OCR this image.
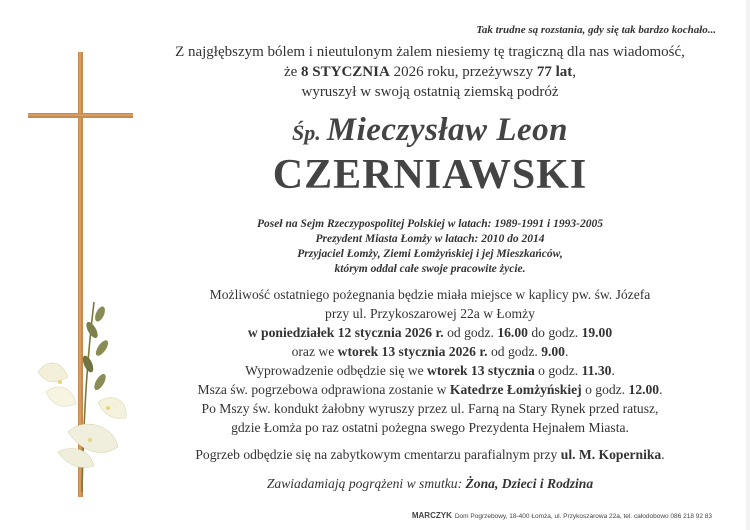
Tak trudne są rozstania, gdy się tak bardzo kochało...
Z najgłębszym bólem i nieutulonym żalem niesiemy tę tragiczną dla nas wiadomość,
że 8 STYCZNIA 2026 roku, przeżywszy 77 lat,
wyruszył w swoją ostatnią ziemską podróż
Śp. Mieczysław Leon
CZERNIAWSKI
Poseł na Sejm Rzeczypospolitej Polskiej w latach: 1989-1991 i 1993-2005
Prezydent Miasta Łomży w latach: 2010 do 2014
Przyjaciel Łomży, Ziemi Łomżyńskiej i jej Mieszkańców,
którym oddał całe swoje pracowite życie.
Możliwość ostatniego pożegnania będzie miała miejsce w kaplicy pw. św. Józefa
przy ul. Przykoszarowej 22a w Łomży
w poniedziałek 12 stycznia 2026 r. od godz. 16.00 do godz. 19.00
oraz we wtorek 13 stycznia 2026 r. od godz. 9.00.
Wyprowadzenie odbędzie się we wtorek 13 stycznia o godz. 11.30.
Msza św. pogrzebowa odprawiona zostanie w Katedrze Łomżyńskiej o godz. 12.00.
Po Mszy św. kondukt żałobny wyruszy przez ul. Farną na Stary Rynek przed ratusz,
gdzie Łomża po raz ostatni pożegna swego Prezydenta Hejnałem Miasta.
Pogrzeb odbędzie się na zabytkowym cmentarzu parafialnym przy ul. M. Kopernika.
Zawiadamiają pogrążeni w smutku: Żona, Dzieci i Rodzina
MARCZYK Dom Pogrzebowy, 18-400 Łomża, ul. Przykoszarowa 22a, tel. całodobowo 086 218 92 83
